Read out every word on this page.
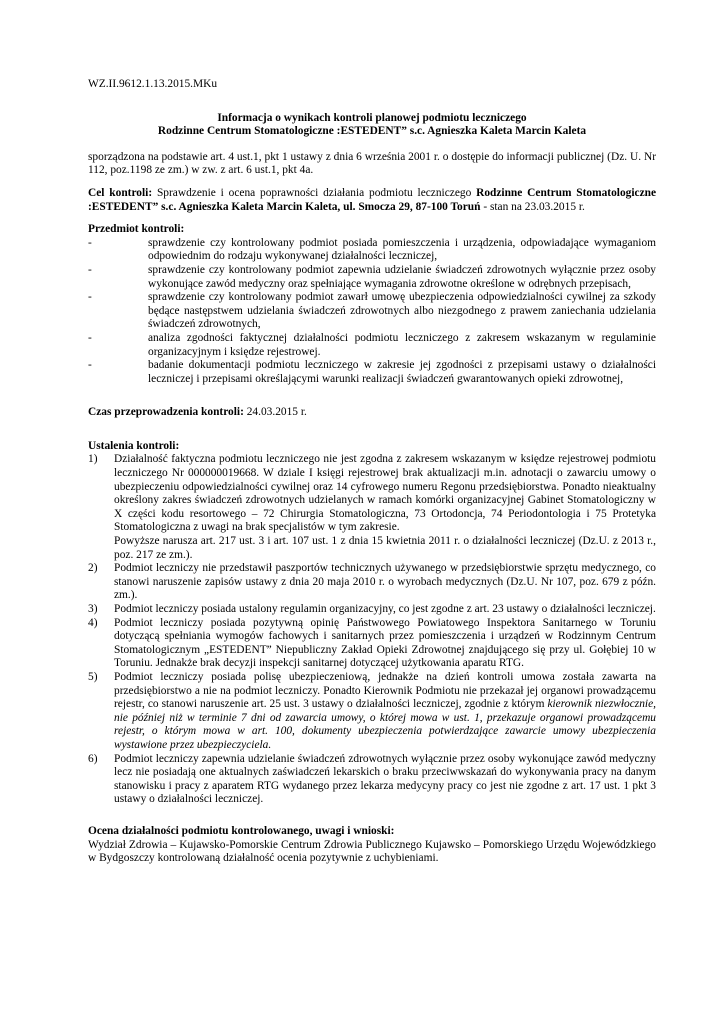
WZ.II.9612.1.13.2015.MKu

Informacja o wynikach kontroli planowej podmiotu leczniczego

Rodzinne Centrum Stomatologiczne :ESTEDENT” s.c. Agnieszka Kaleta Marcin Kaleta

sporządzona na podstawie art. 4 ust.1, pkt 1 ustawy z dnia 6 września 2001 r. o dostępie do informacji publicznej (Dz. U. Nr 112, poz.1198 ze zm.) w zw. z art. 6 ust.1, pkt 4a.

Cel kontroli: Sprawdzenie i ocena poprawności działania podmiotu leczniczego Rodzinne Centrum Stomatologiczne :ESTEDENT” s.c. Agnieszka Kaleta Marcin Kaleta, ul. Smocza 29, 87-100 Toruń - stan na 23.03.2015 r.

Przedmiot kontroli:

-	sprawdzenie czy kontrolowany podmiot posiada pomieszczenia i urządzenia, odpowiadające wymaganiom odpowiednim do rodzaju wykonywanej działalności leczniczej,
-	sprawdzenie czy kontrolowany podmiot zapewnia udzielanie świadczeń zdrowotnych wyłącznie przez osoby wykonujące zawód medyczny oraz spełniające wymagania zdrowotne określone w odrębnych przepisach,
-	sprawdzenie czy kontrolowany podmiot zawarł umowę ubezpieczenia odpowiedzialności cywilnej za szkody będące następstwem udzielania świadczeń zdrowotnych albo niezgodnego z prawem zaniechania udzielania świadczeń zdrowotnych,
-	analiza zgodności faktycznej działalności podmiotu leczniczego z zakresem wskazanym w regulaminie organizacyjnym i księdze rejestrowej.
-	badanie dokumentacji podmiotu leczniczego w zakresie jej zgodności z przepisami ustawy o działalności leczniczej i przepisami określającymi warunki realizacji świadczeń gwarantowanych opieki zdrowotnej,

Czas przeprowadzenia kontroli: 24.03.2015 r.

Ustalenia kontroli:

1)	Działalność faktyczna podmiotu leczniczego nie jest zgodna z zakresem wskazanym w księdze rejestrowej podmiotu leczniczego Nr 000000019668. W dziale I księgi rejestrowej brak aktualizacji m.in. adnotacji o zawarciu umowy o ubezpieczeniu odpowiedzialności cywilnej oraz 14 cyfrowego numeru Regonu przedsiębiorstwa. Ponadto nieaktualny określony zakres świadczeń zdrowotnych udzielanych w ramach komórki organizacyjnej Gabinet Stomatologiczny w X części kodu resortowego – 72 Chirurgia Stomatologiczna, 73 Ortodoncja, 74 Periodontologia i 75 Protetyka Stomatologiczna z uwagi na brak specjalistów w tym zakresie.

Powyższe narusza art. 217 ust. 3 i art. 107 ust. 1 z dnia 15 kwietnia 2011 r. o działalności leczniczej (Dz.U. z 2013 r., poz. 217 ze zm.).

2)	Podmiot leczniczy nie przedstawił paszportów technicznych używanego w przedsiębiorstwie sprzętu medycznego, co stanowi naruszenie zapisów ustawy z dnia 20 maja 2010 r. o wyrobach medycznych (Dz.U. Nr 107, poz. 679 z późn. zm.).

3)	Podmiot leczniczy posiada ustalony regulamin organizacyjny, co jest zgodne z art. 23 ustawy o działalności leczniczej.

4)	Podmiot leczniczy posiada pozytywną opinię Państwowego Powiatowego Inspektora Sanitarnego w Toruniu dotyczącą spełniania wymogów fachowych i sanitarnych przez pomieszczenia i urządzeń w Rodzinnym Centrum Stomatologicznym „ESTEDENT” Niepubliczny Zakład Opieki Zdrowotnej znajdującego się przy ul. Gołębiej 10 w Toruniu. Jednakże brak decyzji inspekcji sanitarnej dotyczącej użytkowania aparatu RTG.

5)	Podmiot leczniczy posiada polisę ubezpieczeniową, jednakże na dzień kontroli umowa została zawarta na przedsiębiorstwo a nie na podmiot leczniczy. Ponadto Kierownik Podmiotu nie przekazał jej organowi prowadzącemu rejestr, co stanowi naruszenie art. 25 ust. 3 ustawy o działalności leczniczej, zgodnie z którym kierownik niezwłocznie, nie później niż w terminie 7 dni od zawarcia umowy, o której mowa w ust. 1, przekazuje organowi prowadzącemu rejestr, o którym mowa w art. 100, dokumenty ubezpieczenia potwierdzające zawarcie umowy ubezpieczenia wystawione przez ubezpieczyciela.

6)	Podmiot leczniczy zapewnia udzielanie świadczeń zdrowotnych wyłącznie przez osoby wykonujące zawód medyczny lecz nie posiadają one aktualnych zaświadczeń lekarskich o braku przeciwwskazań do wykonywania pracy na danym stanowisku i pracy z aparatem RTG wydanego przez lekarza medycyny pracy co jest nie zgodne z art. 17 ust. 1 pkt 3 ustawy o działalności leczniczej.

Ocena działalności podmiotu kontrolowanego, uwagi i wnioski:

Wydział Zdrowia – Kujawsko-Pomorskie Centrum Zdrowia Publicznego Kujawsko – Pomorskiego Urzędu Wojewódzkiego w Bydgoszczy kontrolowaną działalność ocenia pozytywnie z uchybieniami.
